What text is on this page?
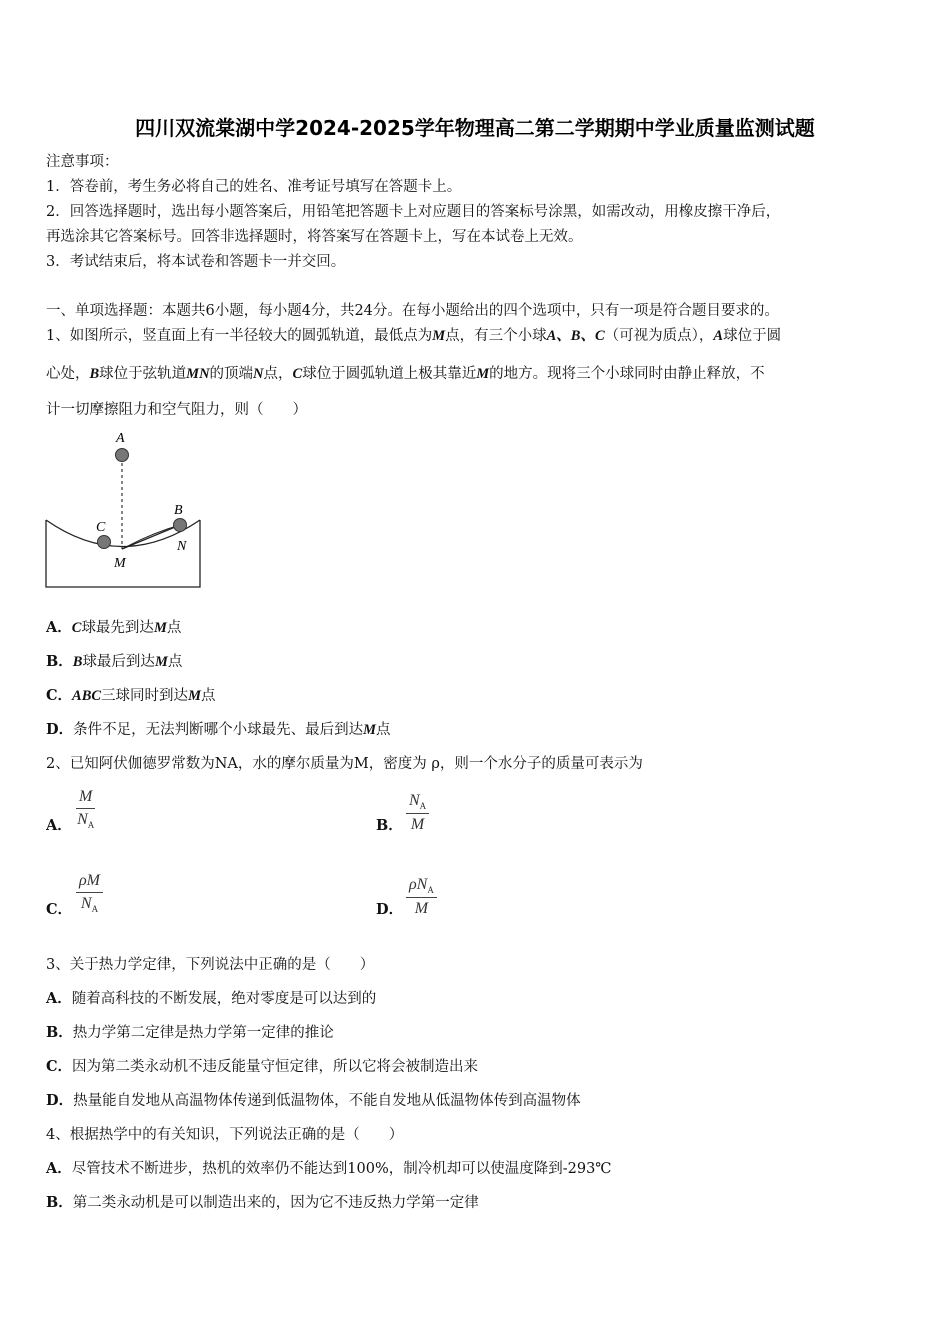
四川双流棠湖中学2024-2025学年物理高二第二学期期中学业质量监测试题
注意事项：
1．答卷前，考生务必将自己的姓名、准考证号填写在答题卡上。
2．回答选择题时，选出每小题答案后，用铅笔把答题卡上对应题目的答案标号涂黑，如需改动，用橡皮擦干净后，
再选涂其它答案标号。回答非选择题时，将答案写在答题卡上，写在本试卷上无效。
3．考试结束后，将本试卷和答题卡一并交回。
一、单项选择题：本题共6小题，每小题4分，共24分。在每小题给出的四个选项中，只有一项是符合题目要求的。
1、如图所示，竖直面上有一半径较大的圆弧轨道，最低点为M点，有三个小球A、B、C（可视为质点），A球位于圆
心处，B球位于弦轨道MN的顶端N点，C球位于圆弧轨道上极其靠近M的地方。现将三个小球同时由静止释放，不
计一切摩擦阻力和空气阻力，则（　　）
A
B
C
M
N
A．C球最先到达M点
B．B球最后到达M点
C．ABC三球同时到达M点
D．条件不足，无法判断哪个小球最先、最后到达M点
2、已知阿伏伽德罗常数为NA，水的摩尔质量为M，密度为 ρ，则一个水分子的质量可表示为
A． $\frac{M}{N_A}$	B． $\frac{N_A}{M}$
C． $\frac{\rho M}{N_A}$	D．
$\rho N_A$
M
3、关于热力学定律，下列说法中正确的是（　　）
A．随着高科技的不断发展，绝对零度是可以达到的
B．热力学第二定律是热力学第一定律的推论
C．因为第二类永动机不违反能量守恒定律，所以它将会被制造出来
D．热量能自发地从高温物体传递到低温物体，不能自发地从低温物体传到高温物体
4、根据热学中的有关知识，下列说法正确的是（　　）
A．尽管技术不断进步，热机的效率仍不能达到100%，制冷机却可以使温度降到-293℃
B．第二类永动机是可以制造出来的，因为它不违反热力学第一定律
